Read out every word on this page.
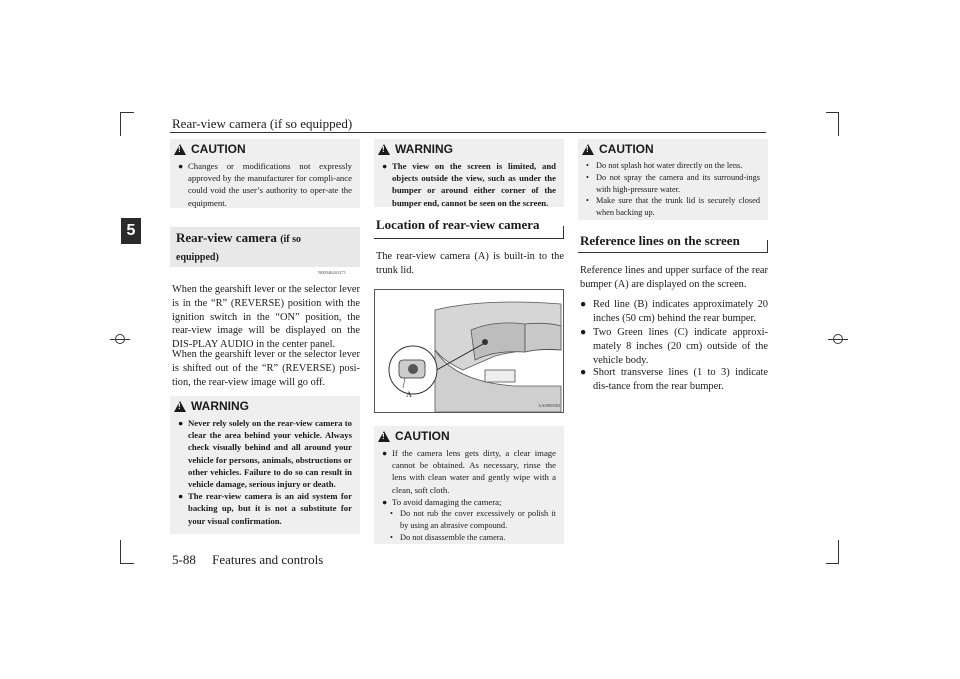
Rear-view camera (if so equipped)
5
!
CAUTION
● Changes or modifications not expressly approved by the manufacturer for compli-ance could void the user’s authority to oper-ate the equipment.
Rear-view camera (if so
equipped)
N00546201271
When the gearshift lever or the selector lever is in the “R” (REVERSE) position with the ignition switch in the “ON” position, the rear-view image will be displayed on the DIS-PLAY AUDIO in the center panel.
When the gearshift lever or the selector lever is shifted out of the “R” (REVERSE) posi-tion, the rear-view image will go off.
!
WARNING
● Never rely solely on the rear-view camera to clear the area behind your vehicle. Always check visually behind and all around your vehicle for persons, animals, obstructions or other vehicles. Failure to do so can result in vehicle damage, serious injury or death.
● The rear-view camera is an aid system for backing up, but it is not a substitute for your visual confirmation.
!
WARNING
● The view on the screen is limited, and objects outside the view, such as under the bumper or around either corner of the bumper end, cannot be seen on the screen.
Location of rear-view camera
The rear-view camera (A) is built-in to the trunk lid.
A
AA0000083
!
CAUTION
● If the camera lens gets dirty, a clear image cannot be obtained. As necessary, rinse the lens with clean water and gently wipe with a clean, soft cloth.
● To avoid damaging the camera;
• Do not rub the cover excessively or polish it by using an abrasive compound.
• Do not disassemble the camera.
!
CAUTION
• Do not splash hot water directly on the lens.
• Do not spray the camera and its surround-ings with high-pressure water.
• Make sure that the trunk lid is securely closed when backing up.
Reference lines on the screen
Reference lines and upper surface of the rear bumper (A) are displayed on the screen.
● Red line (B) indicates approximately 20 inches (50 cm) behind the rear bumper.
● Two Green lines (C) indicate approxi-mately 8 inches (20 cm) outside of the vehicle body.
● Short transverse lines (1 to 3) indicate dis-tance from the rear bumper.
5-88 Features and controls
